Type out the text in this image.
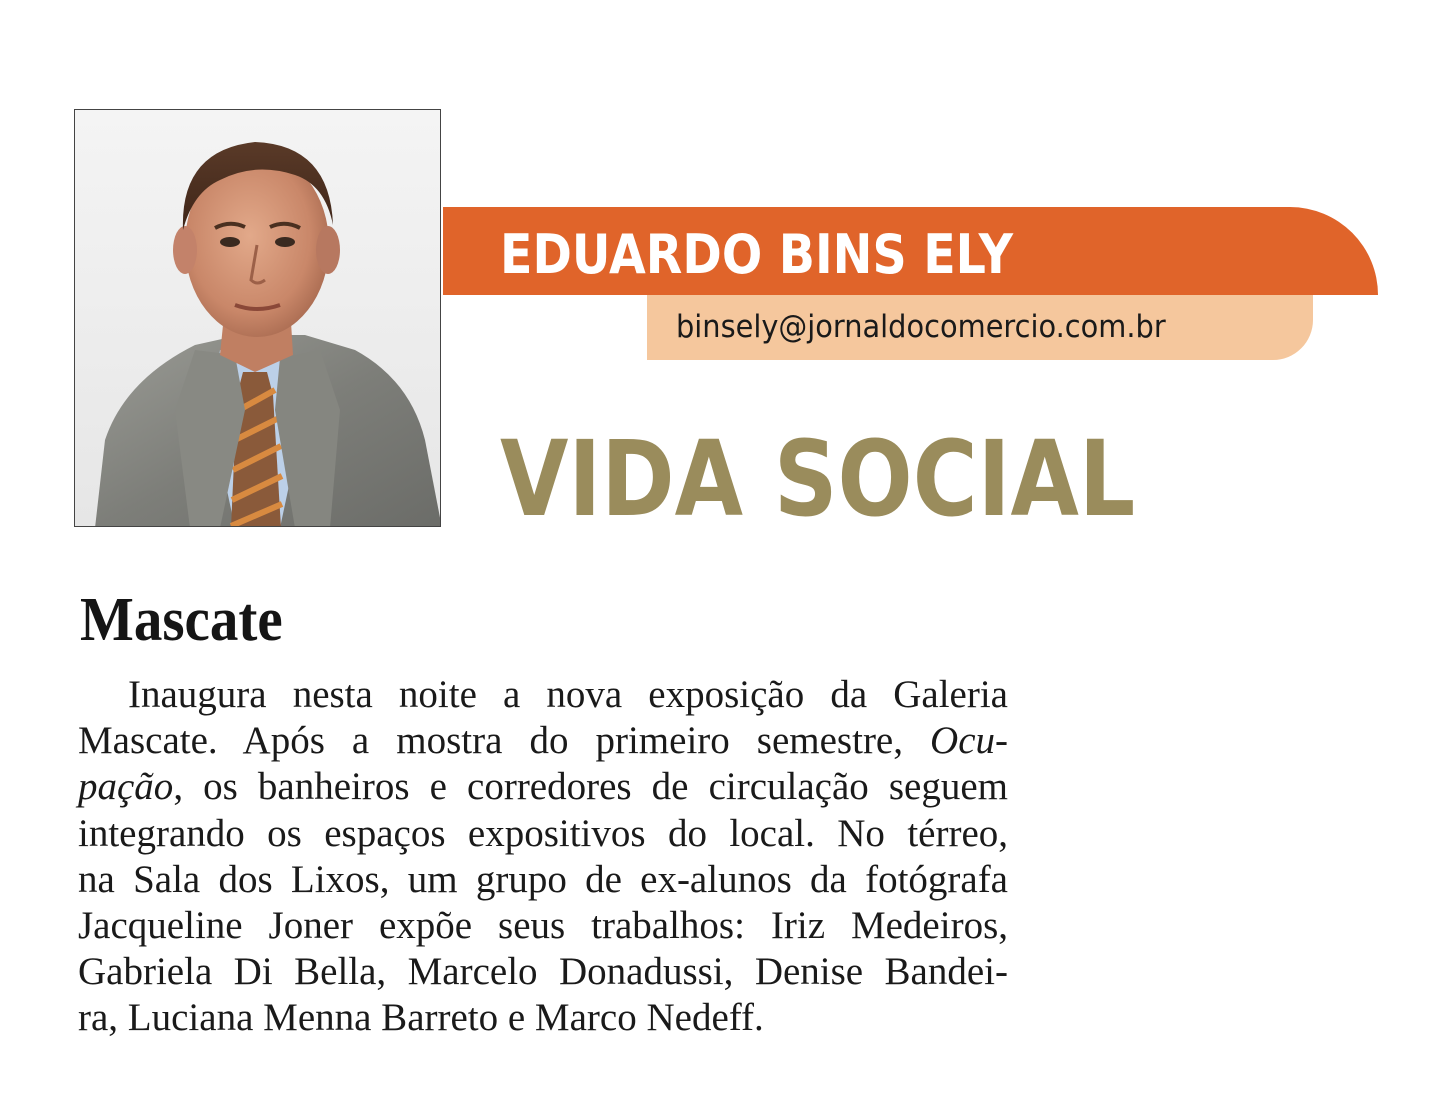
EDUARDO BINS ELY
binsely@jornaldocomercio.com.br
VIDA SOCIAL
Mascate
Inaugura nesta noite a nova exposição da Galeria
Mascate. Após a mostra do primeiro semestre, Ocu-
pação, os banheiros e corredores de circulação seguem
integrando os espaços expositivos do local. No térreo,
na Sala dos Lixos, um grupo de ex-alunos da fotógrafa
Jacqueline Joner expõe seus trabalhos: Iriz Medeiros,
Gabriela Di Bella, Marcelo Donadussi, Denise Bandei-
ra, Luciana Menna Barreto e Marco Nedeff.
